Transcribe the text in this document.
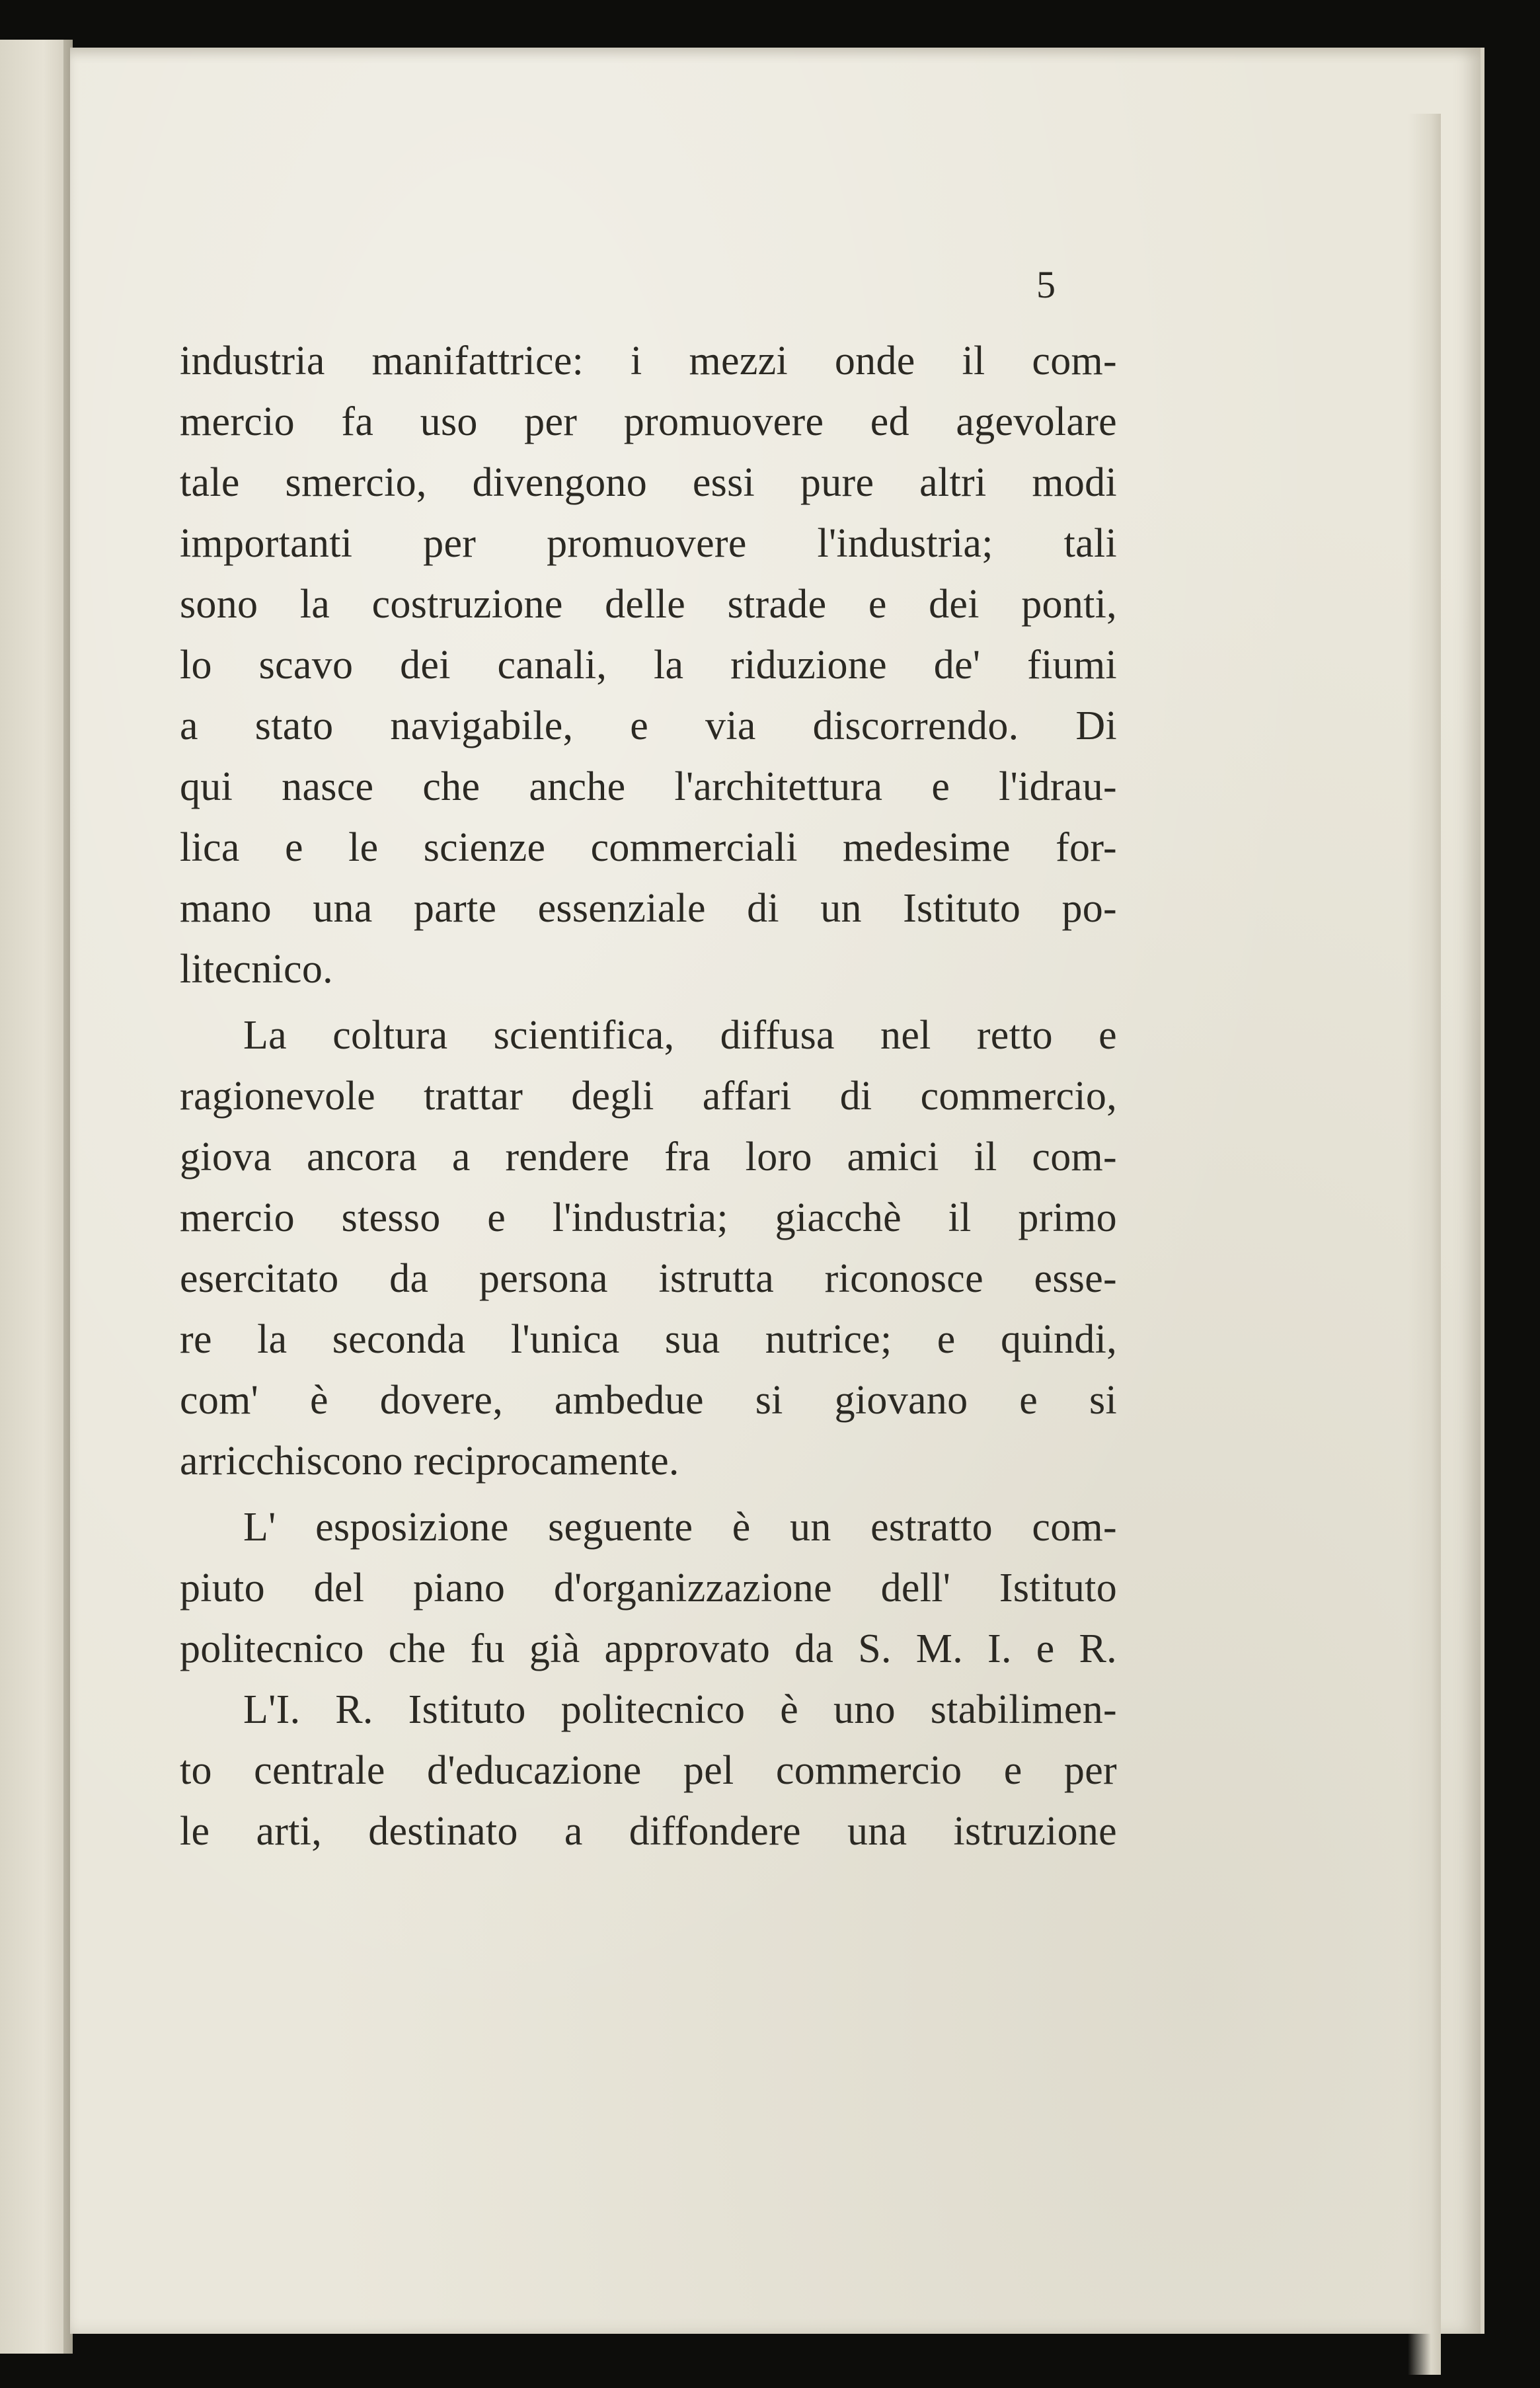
5
industria manifattrice: i mezzi onde il com-
mercio fa uso per promuovere ed agevolare
tale smercio, divengono essi pure altri modi
importanti per promuovere l'industria; tali
sono la costruzione delle strade e dei ponti,
lo scavo dei canali, la riduzione de' fiumi
a stato navigabile, e via discorrendo. Di
qui nasce che anche l'architettura e l'idrau-
lica e le scienze commerciali medesime for-
mano una parte essenziale di un Istituto po-
litecnico.
La coltura scientifica, diffusa nel retto e
ragionevole trattar degli affari di commercio,
giova ancora a rendere fra loro amici il com-
mercio stesso e l'industria; giacchè il primo
esercitato da persona istrutta riconosce esse-
re la seconda l'unica sua nutrice; e quindi,
com' è dovere, ambedue si giovano e si
arricchiscono reciprocamente.
L' esposizione seguente è un estratto com-
piuto del piano d'organizzazione dell' Istituto
politecnico che fu già approvato da S. M. I. e R.
L'I. R. Istituto politecnico è uno stabilimen-
to centrale d'educazione pel commercio e per
le arti, destinato a diffondere una istruzione
